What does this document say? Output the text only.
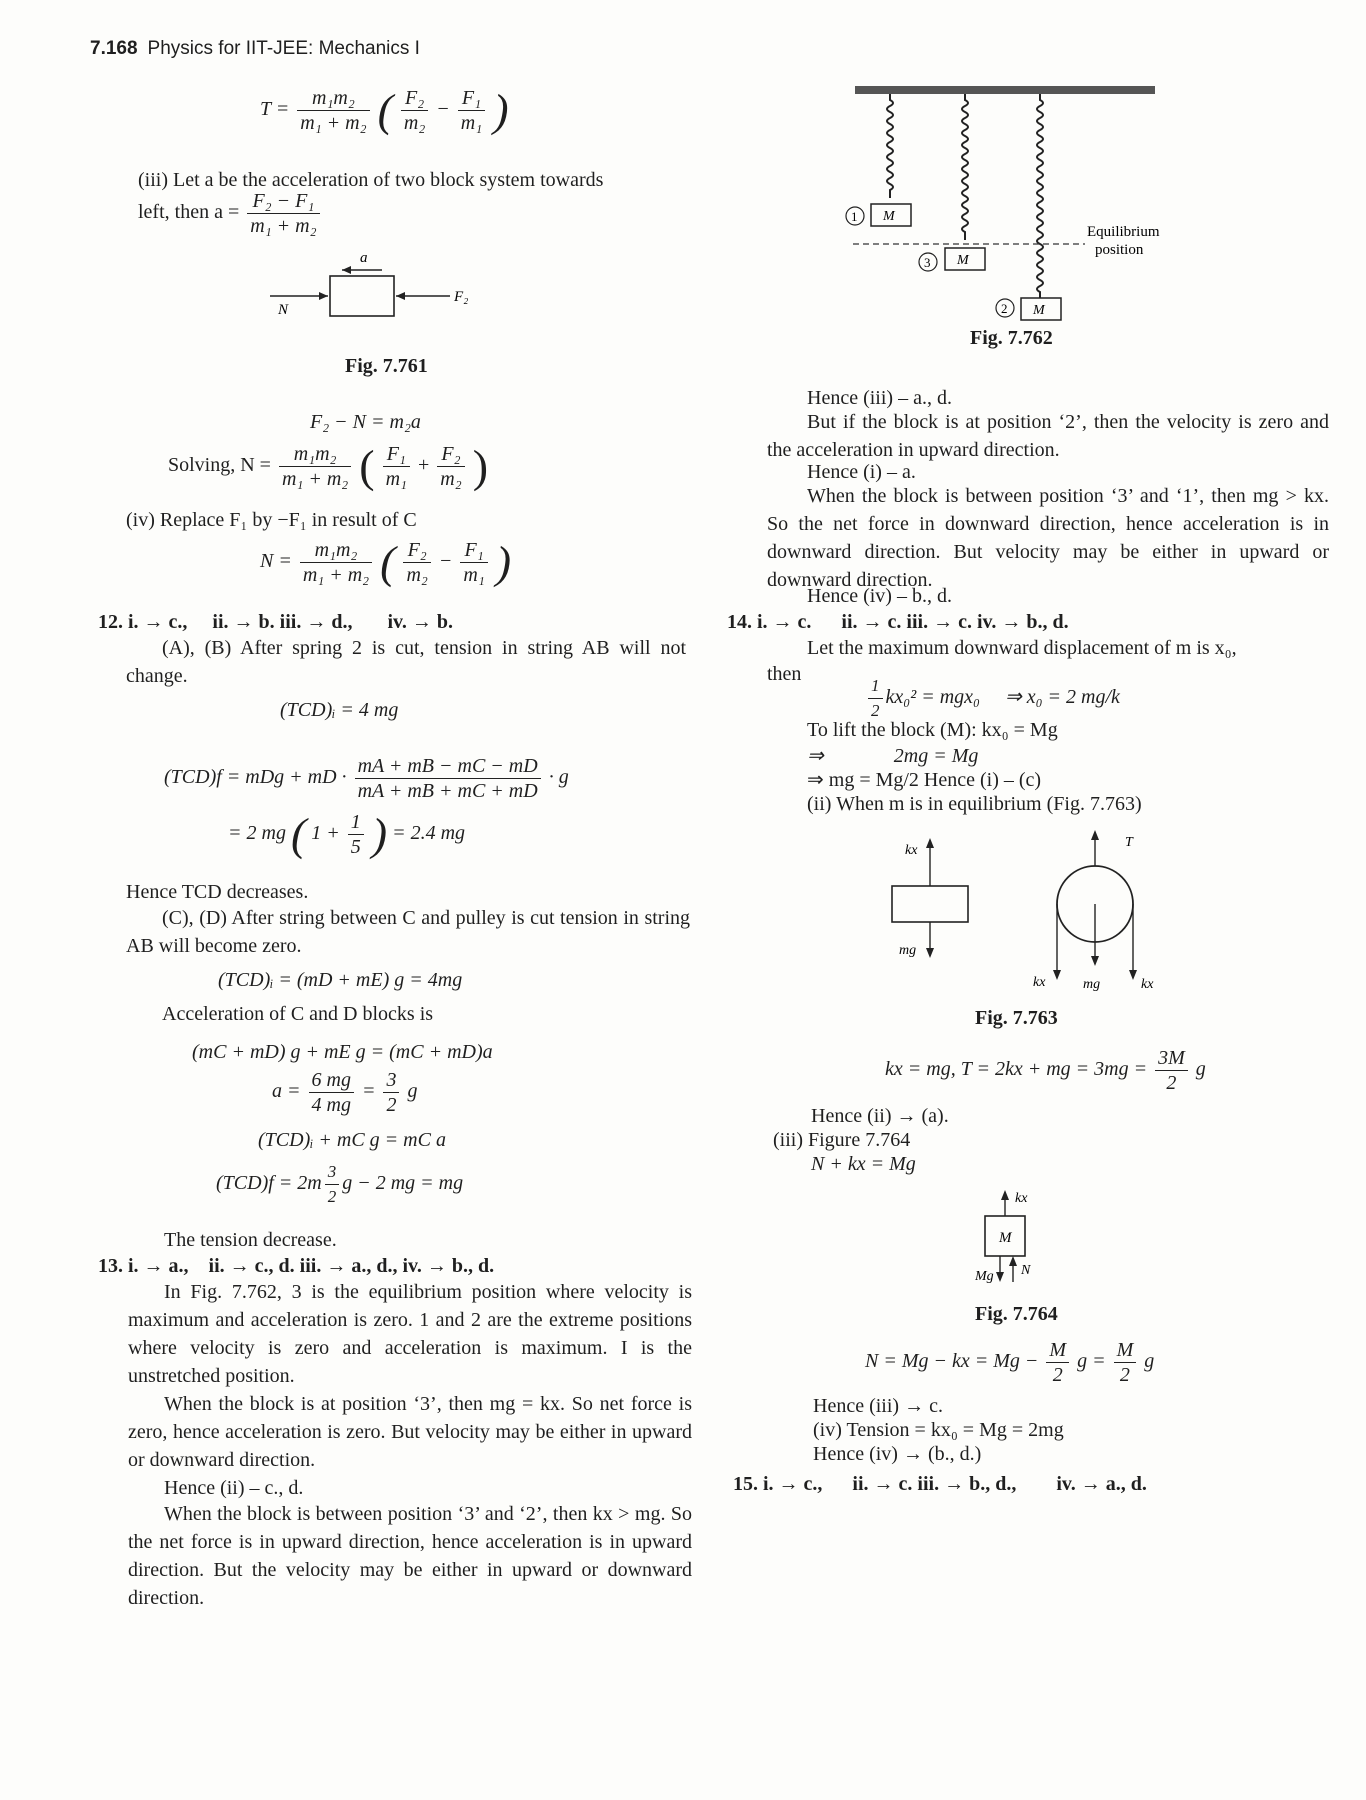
7.168 Physics for IIT-JEE: Mechanics I
$T = \frac{\text{m₁m₂}}{\text{m₁ + m₂}}$ ( $\frac{\text{F₂}}{\text{m₂}} - \frac{\text{F₁}}{\text{m₁}}$ )
(iii) Let a be the acceleration of two block system towards
left, then $a = \frac{\text{F₂ − F₁}}{\text{m₁ + m₂}}$
a
N
F₂
Fig. 7.761
F₂ − N = m₂a
Solving, $N = \frac{\text{m₁m₂}}{\text{m₁ + m₂}}$ ( $\frac{\text{F₁}}{\text{m₁}} + \frac{\text{F₂}}{\text{m₂}}$ )
(iv) Replace F₁ by −F₁ in result of C
$N = \frac{\text{m₁m₂}}{\text{m₁ + m₂}}$ ( $\frac{\text{F₂}}{\text{m₂}} - \frac{\text{F₁}}{\text{m₁}}$ )
12. i. → c.,     ii. → b. iii. → d.,       iv. → b.
(A), (B) After spring 2 is cut, tension in string AB will not change.
(TCD)ᵢ = 4 mg
(TCD)f = mDg + mD · $\frac{mA + mB - mC - mD}{mA + mB + mC + mD} \cdot g$
= 2 mg ( $1 + \frac{1}{5}$ ) = 2.4 mg
Hence TCD decreases.
(C), (D) After string between C and pulley is cut tension in string AB will become zero.
(TCD)ᵢ = (mD + mE) g = 4mg
Acceleration of C and D blocks is
(mC + mD) g + mE g = (mC + mD)a
$a = \frac{6 mg}{4 mg} = \frac{3}{2}$ g
(TCD)ᵢ + mC g = mC a
$(TCD)f = 2m \frac{3}{2}$ g − 2 mg = mg
The tension decrease.
13. i. → a.,    ii. → c., d. iii. → a., d., iv. → b., d.
In Fig. 7.762, 3 is the equilibrium position where velocity is maximum and acceleration is zero. 1 and 2 are the extreme positions where velocity is zero and acceleration is maximum. I is the unstretched position.
When the block is at position ‘3’, then mg = kx. So net force is zero, hence acceleration is zero. But velocity may be either in upward or downward direction.
Hence (ii) – c., d.
When the block is between position ‘3’ and ‘2’, then kx > mg. So the net force is in upward direction, hence acceleration is in upward direction. But the velocity may be either in upward or downward direction.
M
1
M
3
M
2
Equilibrium
position
Fig. 7.762
Hence (iii) – a., d.
But if the block is at position ‘2’, then the velocity is zero and the acceleration in upward direction.
Hence (i) – a.
When the block is between position ‘3’ and ‘1’, then mg > kx. So the net force in downward direction, hence acceleration is in downward direction. But velocity may be either in upward or downward direction.
Hence (iv) – b., d.
14. i. → c.      ii. → c. iii. → c. iv. → b., d.
Let the maximum downward displacement of m is x₀,
then	$\frac{1}{2} kx_0^2 = mgx_0$     ⇒ x₀ = 2 mg/k
To lift the block (M): kx₀ = Mg
⇒              2mg = Mg
⇒ mg = Mg/2 Hence (i) – (c)
(ii) When m is in equilibrium (Fig. 7.763)
kx
mg
T
kx	mg	kx
Fig. 7.763
kx = mg, T = 2kx + mg = $3mg = \frac{3M}{2}$ g
Hence (ii) → (a).
(iii) Figure 7.764
N + kx = Mg
kx
M
Mg N
Fig. 7.764
N = Mg − kx = $Mg - \frac{M}{2}$ $g = \frac{M}{2}$ g
Hence (iii) → c.
(iv) Tension = kx₀ = Mg = 2mg
Hence (iv) → (b., d.)
15. i. → c.,      ii. → c. iii. → b., d.,        iv. → a., d.
